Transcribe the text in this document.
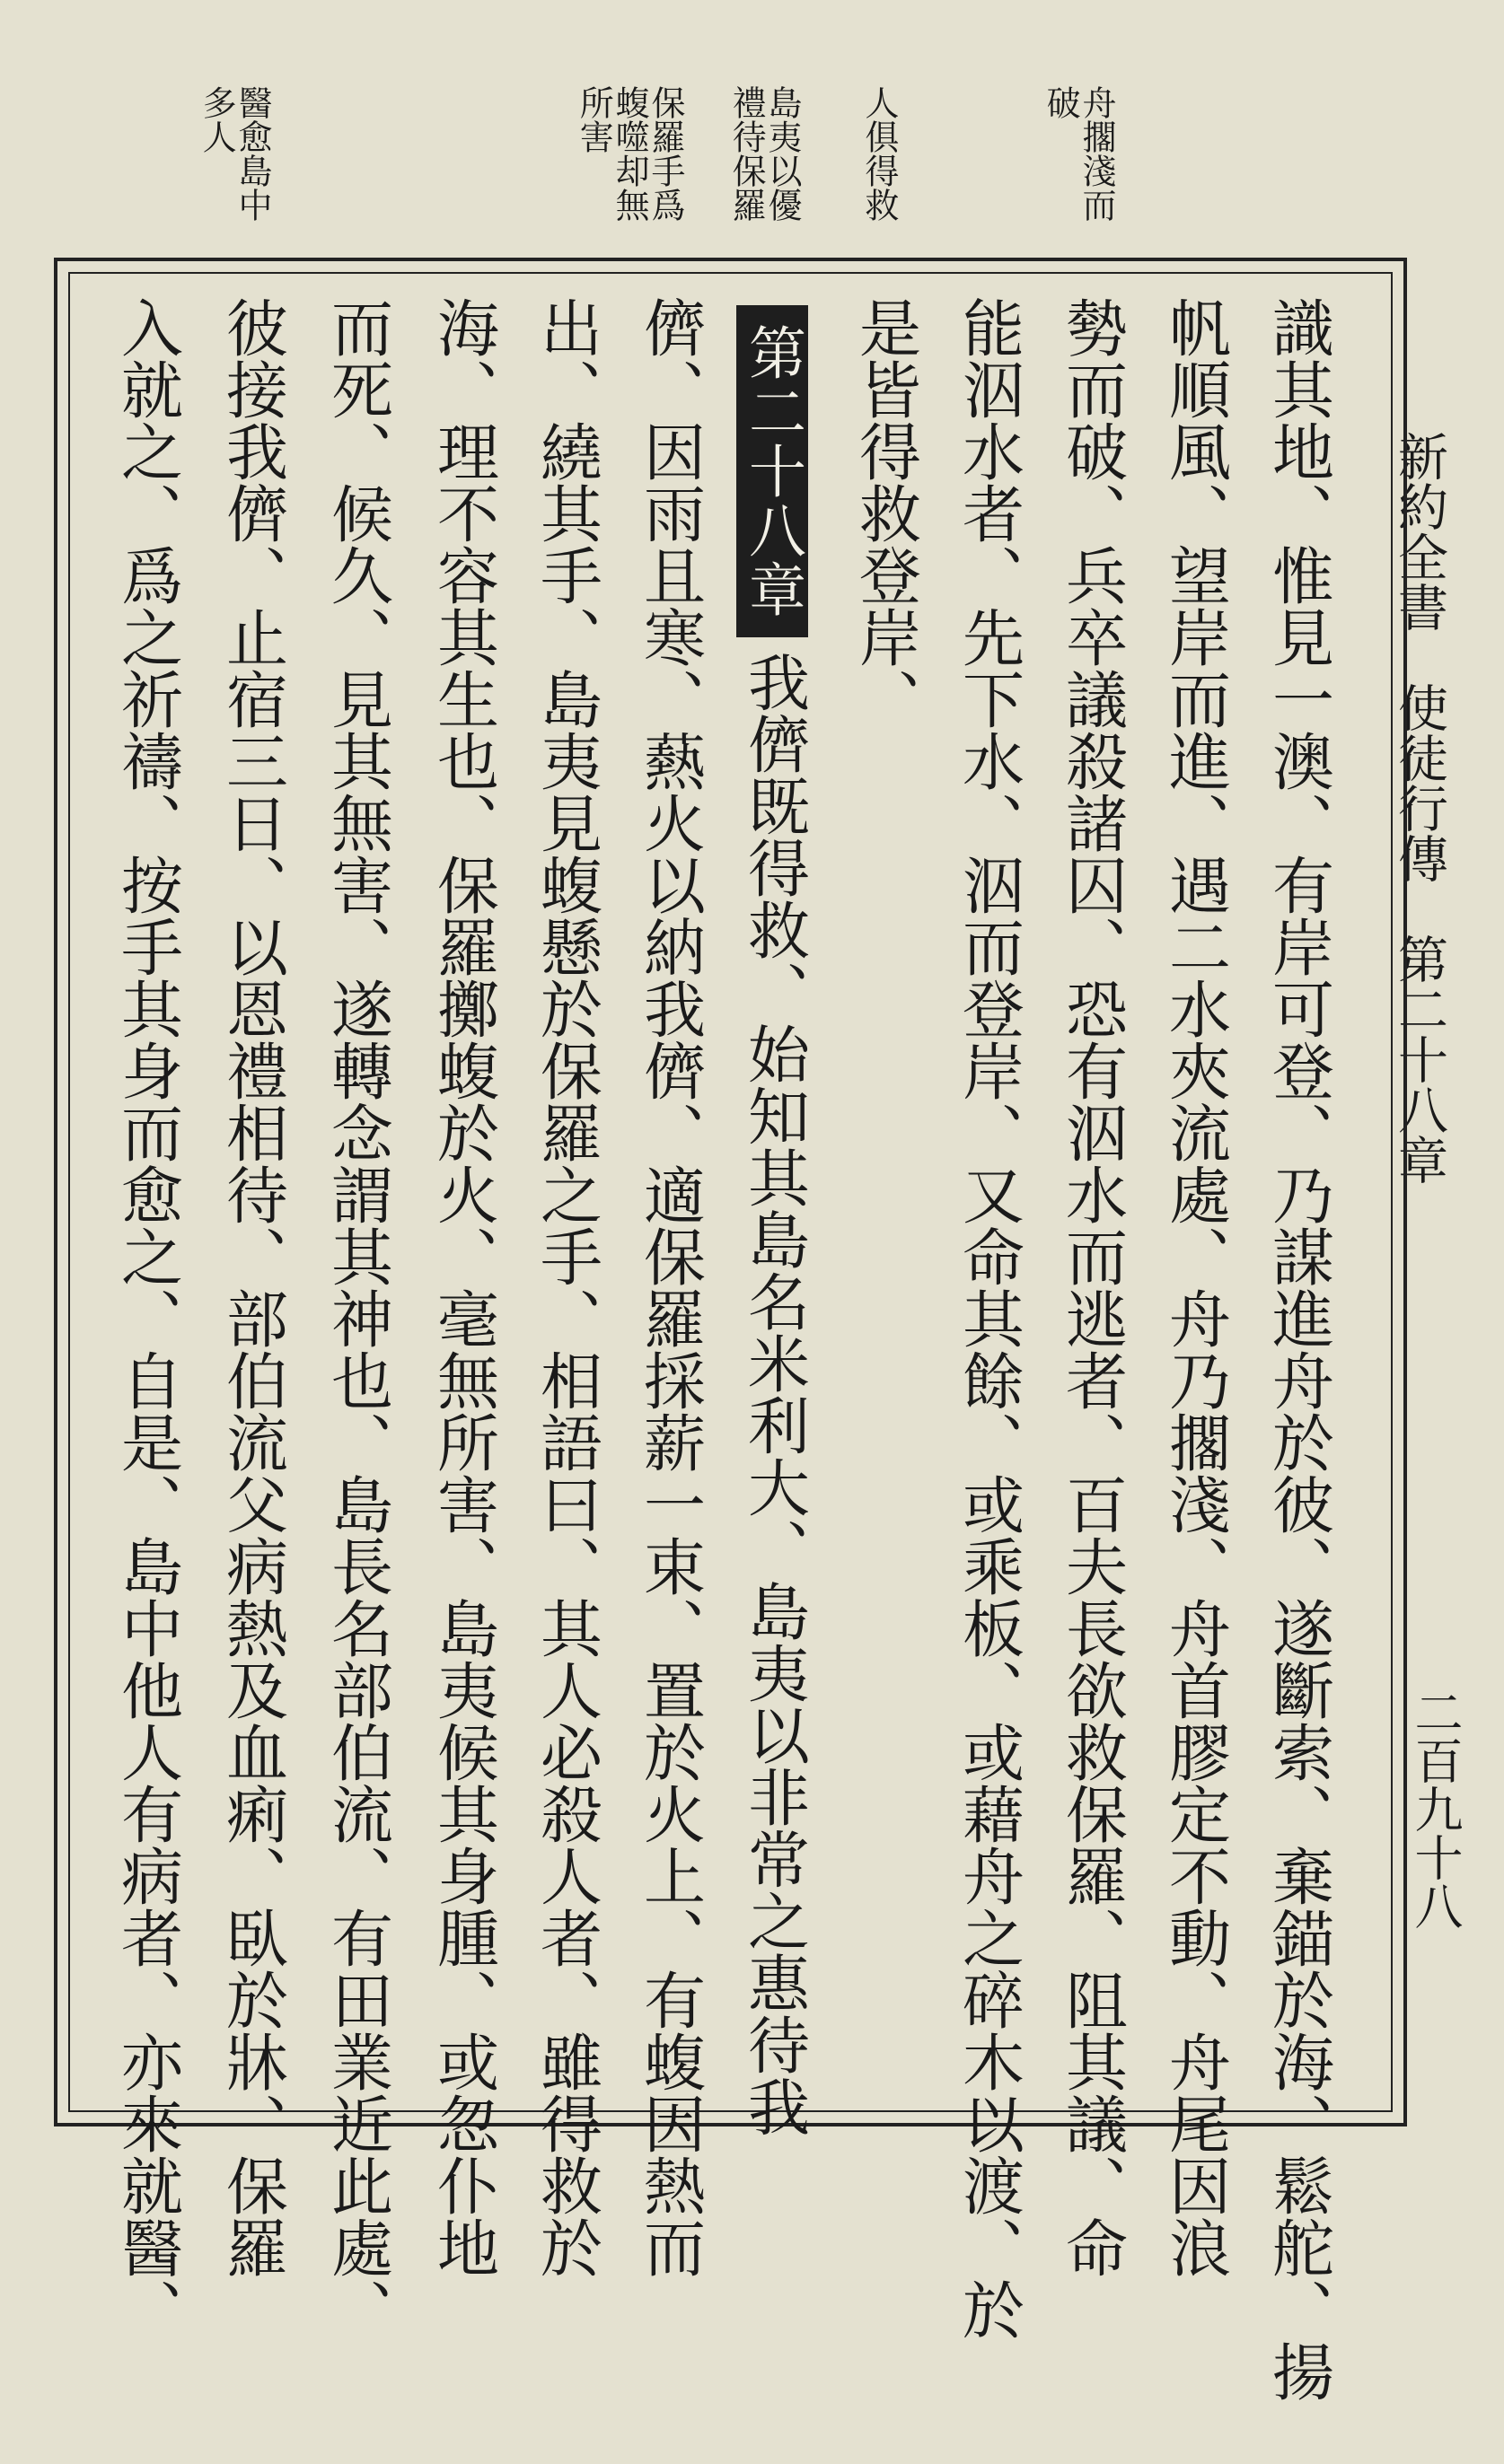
新約全書　使徒行傳　第二十八章
二百九十八
舟擱淺而破
人俱得救
島夷以優禮待保羅
保羅手爲蝮噬却無所害
醫愈島中多人
識其地、惟見一澳、有岸可登、乃謀進舟於彼、遂斷索、棄錨於海、鬆舵、揚
帆順風、望岸而進、遇二水夾流處、舟乃擱淺、舟首膠定不動、舟尾因浪
勢而破、兵卒議殺諸囚、恐有泅水而逃者、百夫長欲救保羅、阻其議、命
能泅水者、先下水、泅而登岸、又命其餘、或乘板、或藉舟之碎木以渡、於
是皆得救登岸、
第二十八章
我儕既得救、始知其島名米利大、島夷以非常之惠待我
儕、因雨且寒、爇火以納我儕、適保羅採薪一束、置於火上、有蝮因熱而
出、繞其手、島夷見蝮懸於保羅之手、相語曰、其人必殺人者、雖得救於
海、理不容其生也、保羅擲蝮於火、毫無所害、島夷候其身腫、或忽仆地
而死、候久、見其無害、遂轉念謂其神也、島長名部伯流、有田業近此處、
彼接我儕、止宿三日、以恩禮相待、部伯流父病熱及血痢、臥於牀、保羅
入就之、爲之祈禱、按手其身而愈之、自是、島中他人有病者、亦來就醫、
